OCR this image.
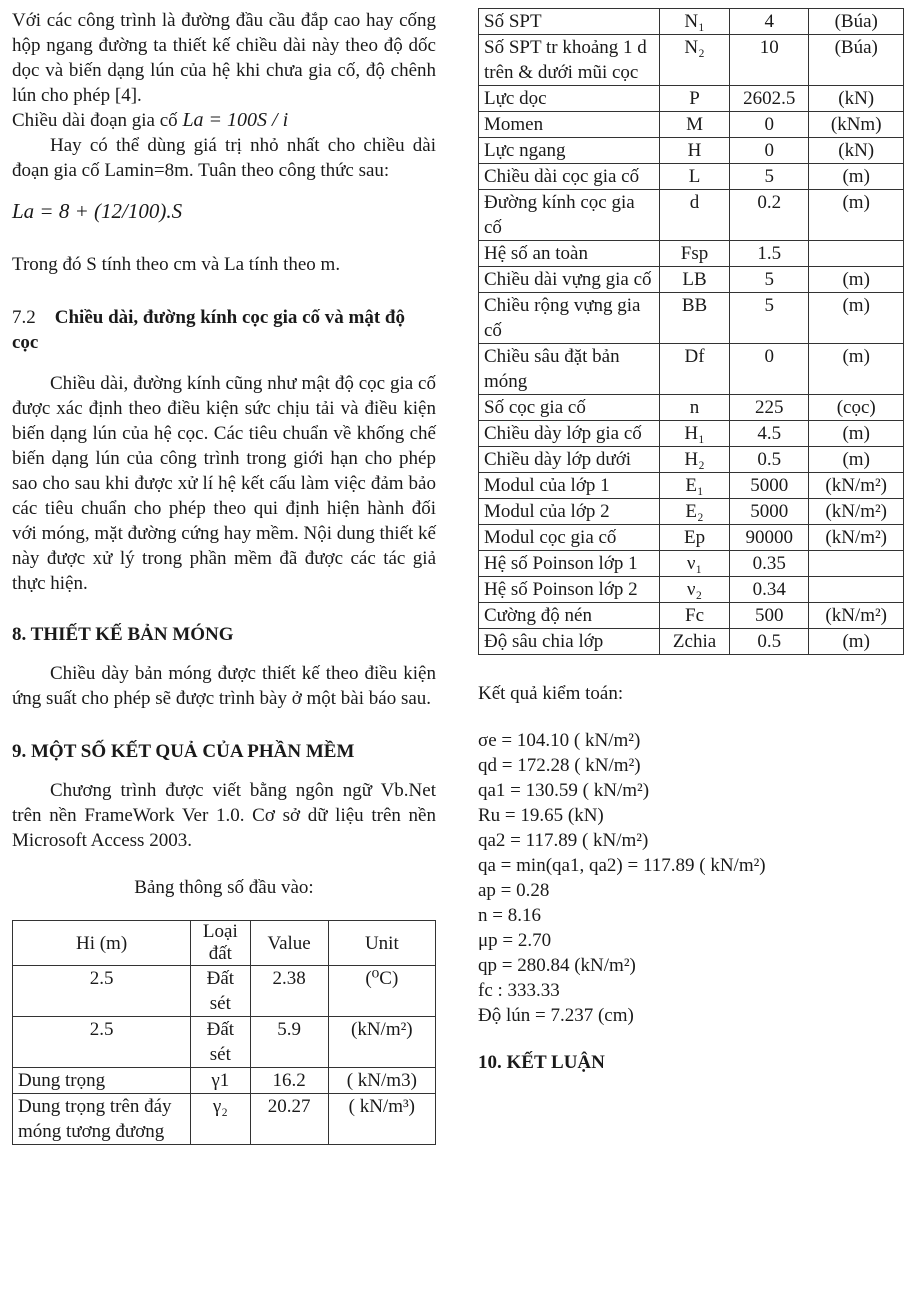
Với các công trình là đường đầu cầu đắp cao hay cống hộp ngang đường ta thiết kế chiều dài này theo độ dốc dọc và biến dạng lún của hệ khi chưa gia cố, độ chênh lún cho phép [4].

Chiều dài đoạn gia cố La = 100S / i

Hay có thể dùng giá trị nhỏ nhất cho chiều dài đoạn gia cố Lamin=8m. Tuân theo công thức sau:

La = 8 + (12/100).S

Trong đó S tính theo cm và La tính theo m.

7.2 Chiều dài, đường kính cọc gia cố và mật độ cọc

Chiều dài, đường kính cũng như mật độ cọc gia cố được xác định theo điều kiện sức chịu tải và điều kiện biến dạng lún của hệ cọc. Các tiêu chuẩn về khống chế biến dạng lún của công trình trong giới hạn cho phép sao cho sau khi được xử lí hệ kết cấu làm việc đảm bảo các tiêu chuẩn cho phép theo qui định hiện hành đối với móng, mặt đường cứng hay mềm. Nội dung thiết kế này được xử lý trong phần mềm đã được các tác giả thực hiện.

8. THIẾT KẾ BẢN MÓNG

Chiều dày bản móng được thiết kế theo điều kiện ứng suất cho phép sẽ được trình bày ở một bài báo sau.

9. MỘT SỐ KẾT QUẢ CỦA PHẦN MỀM

Chương trình được viết bằng ngôn ngữ Vb.Net trên nền FrameWork Ver 1.0. Cơ sở dữ liệu trên nền Microsoft Access 2003.

Bảng thông số đầu vào:

Hi (m)	Loại đất	Value	Unit
2.5	Đất sét	2.38	(⁰C)
2.5	Đất sét	5.9	(kN/m²)
Dung trọng	γ1	16.2	( kN/m3)
Dung trọng trên đáy móng tương đương	γ₂	20.27	( kN/m³)
Số SPT	N₁	4	(Búa)
Số SPT tr khoảng 1 d trên & dưới mũi cọc	N₂	10	(Búa)
Lực dọc	P	2602.5	(kN)
Momen	M	0	(kNm)
Lực ngang	H	0	(kN)
Chiều dài cọc gia cố	L	5	(m)
Đường kính cọc gia cố	d	0.2	(m)
Hệ số an toàn	Fsp	1.5	
Chiều dài vựng gia cố	LB	5	(m)
Chiều rộng vựng gia cố	BB	5	(m)
Chiều sâu đặt bản móng	Df	0	(m)
Số cọc gia cố	n	225	(cọc)
Chiều dày lớp gia cố	H₁	4.5	(m)
Chiều dày lớp dưới	H₂	0.5	(m)
Modul của lớp 1	E₁	5000	(kN/m²)
Modul của lớp 2	E₂	5000	(kN/m²)
Modul cọc gia cố	Ep	90000	(kN/m²)
Hệ số Poinson lớp 1	ν₁	0.35	
Hệ số Poinson lớp 2	ν₂	0.34	
Cường độ nén	Fc	500	(kN/m²)
Độ sâu chia lớp	Zchia	0.5	(m)

Kết quả kiểm toán:

σe = 104.10 ( kN/m²)
qd = 172.28 ( kN/m²)
qa1 = 130.59 ( kN/m²)
Ru = 19.65 (kN)
qa2 = 117.89 ( kN/m²)
qa = min(qa1, qa2) = 117.89 ( kN/m²)
ap = 0.28
n = 8.16
μp = 2.70
qp = 280.84 (kN/m²)
fc : 333.33
Độ lún = 7.237 (cm)
10. KẾT LUẬN
